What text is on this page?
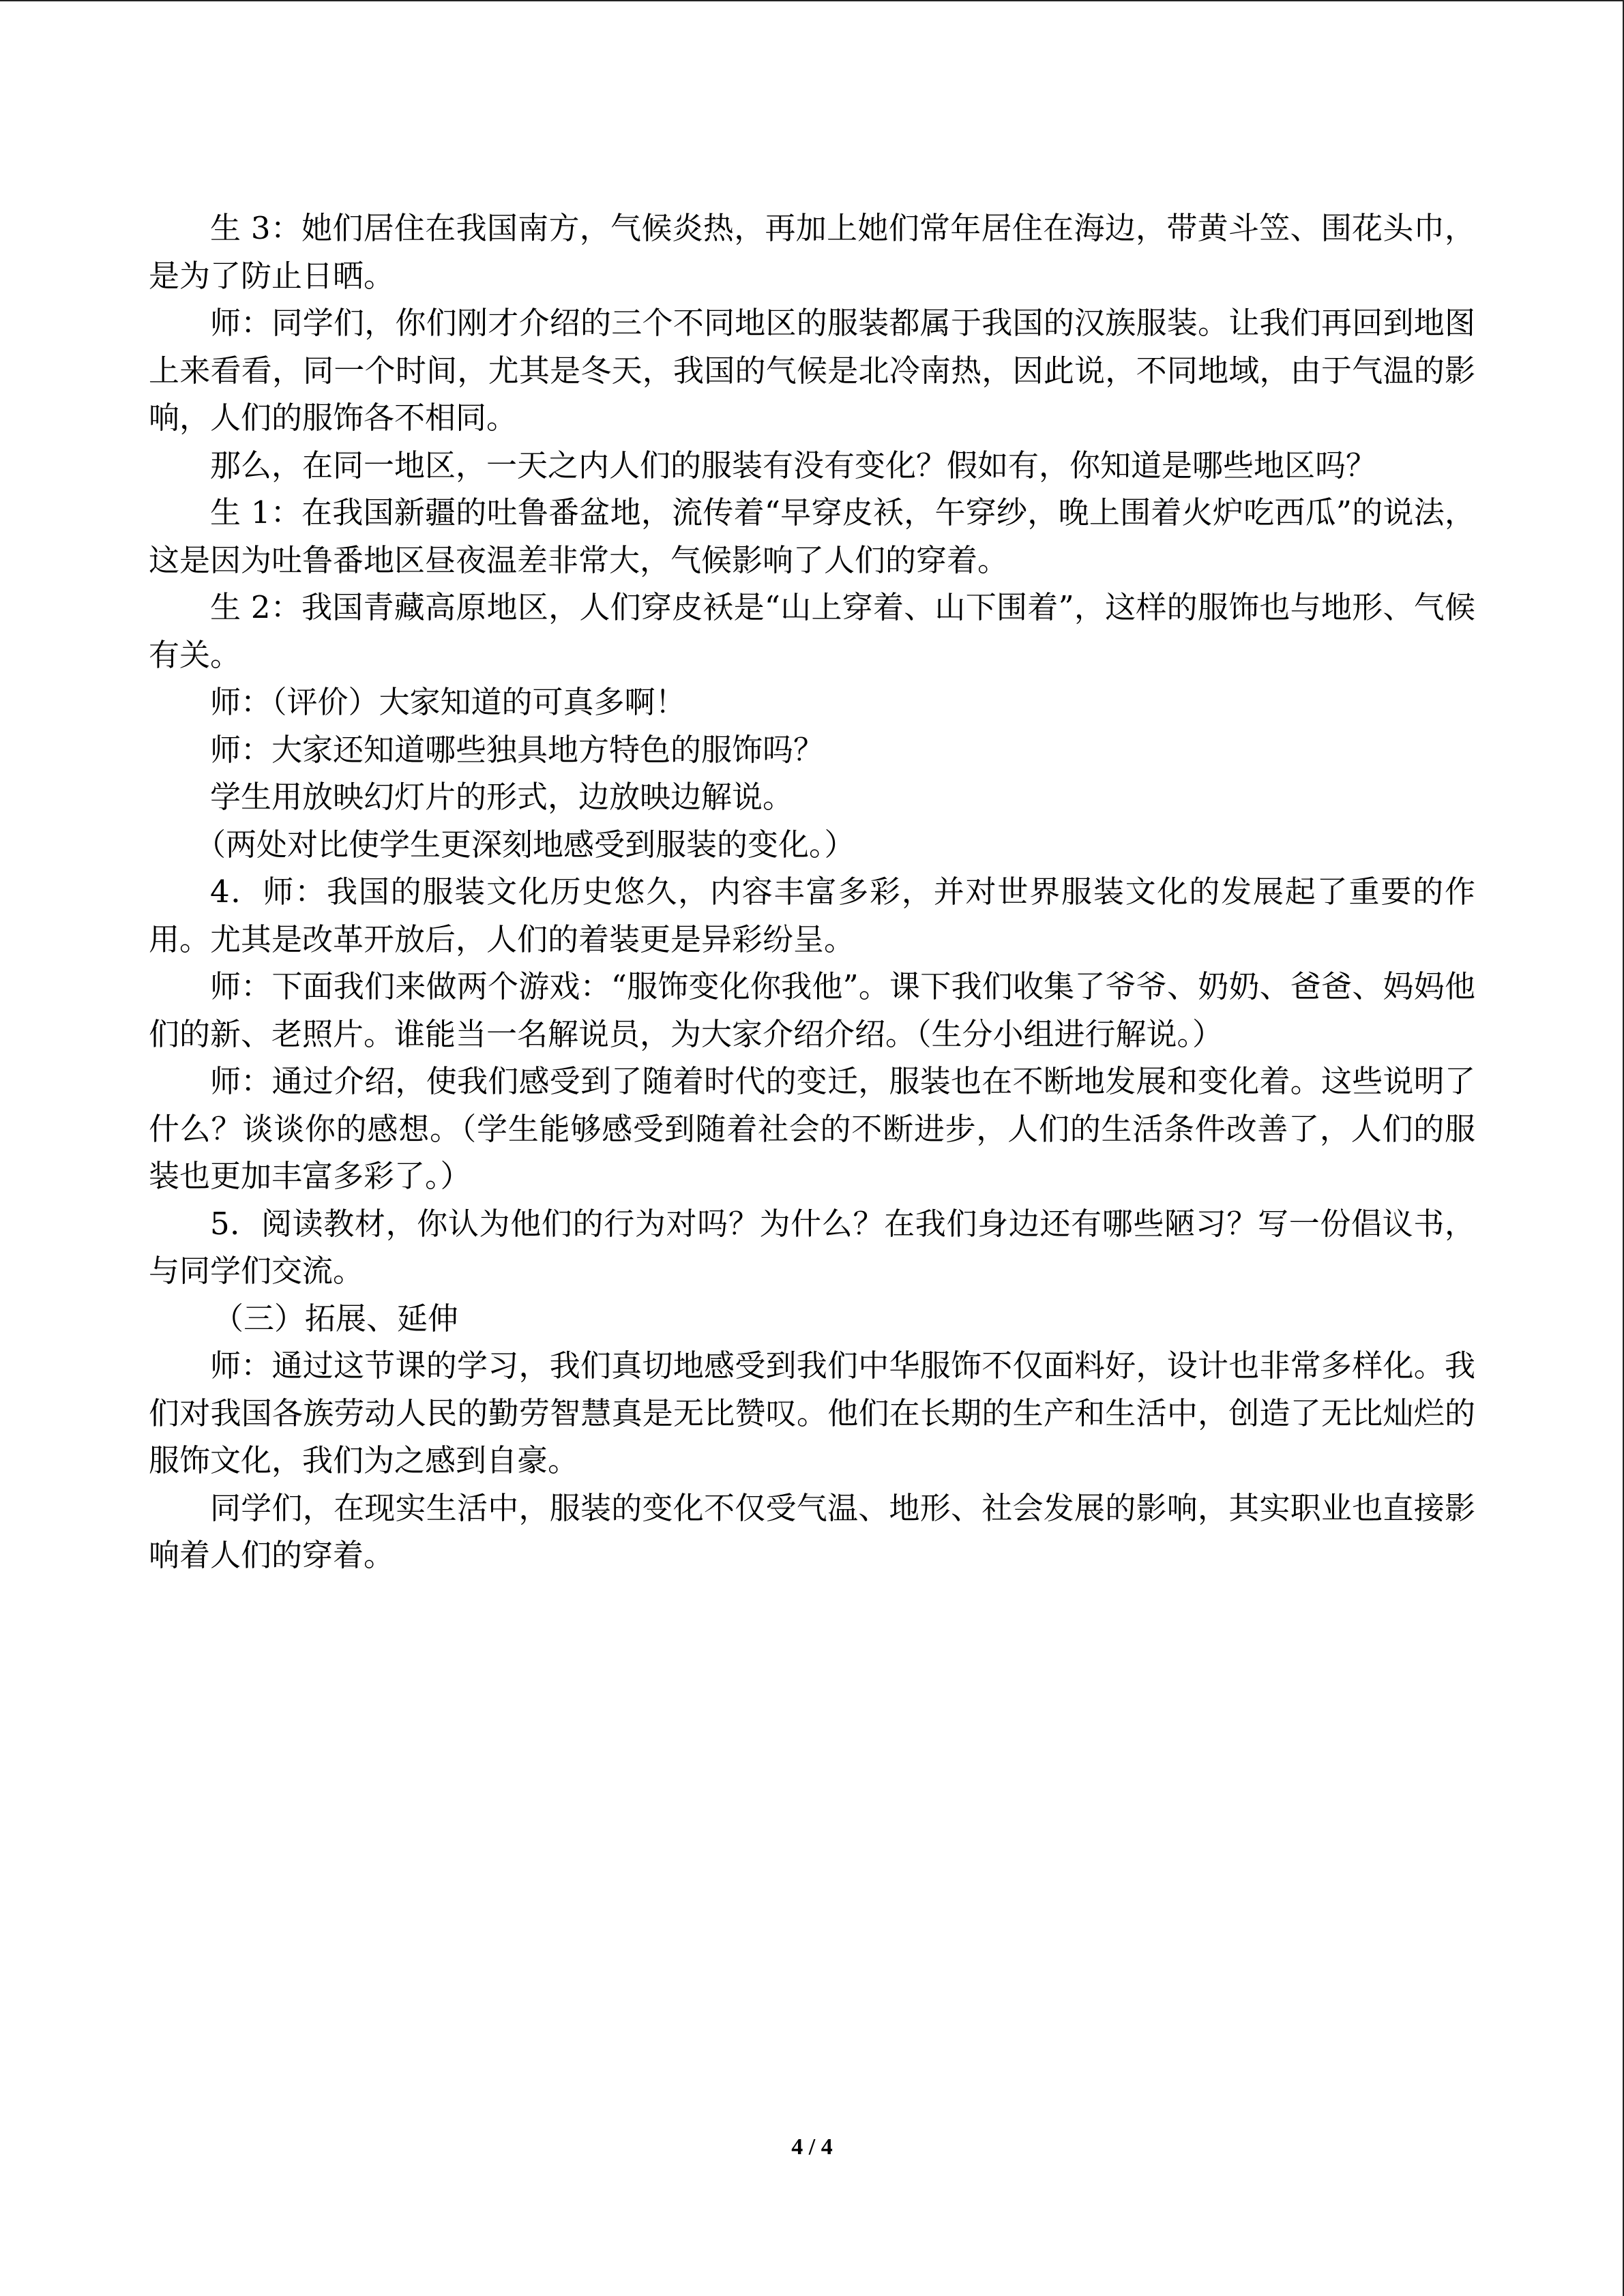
生 3：她们居住在我国南方，气候炎热，再加上她们常年居住在海边，带黄斗笠、围花头巾，是为了防止日晒。

师：同学们，你们刚才介绍的三个不同地区的服装都属于我国的汉族服装。让我们再回到地图上来看看，同一个时间，尤其是冬天，我国的气候是北冷南热，因此说，不同地域，由于气温的影响，人们的服饰各不相同。

那么，在同一地区，一天之内人们的服装有没有变化？假如有，你知道是哪些地区吗？

生 1：在我国新疆的吐鲁番盆地，流传着“早穿皮袄，午穿纱，晚上围着火炉吃西瓜”的说法，这是因为吐鲁番地区昼夜温差非常大，气候影响了人们的穿着。

生 2：我国青藏高原地区，人们穿皮袄是“山上穿着、山下围着”，这样的服饰也与地形、气候有关。

师：（评价）大家知道的可真多啊！

师：大家还知道哪些独具地方特色的服饰吗？

学生用放映幻灯片的形式，边放映边解说。

（两处对比使学生更深刻地感受到服装的变化。）

4．师：我国的服装文化历史悠久，内容丰富多彩，并对世界服装文化的发展起了重要的作用。尤其是改革开放后，人们的着装更是异彩纷呈。

师：下面我们来做两个游戏：“服饰变化你我他”。课下我们收集了爷爷、奶奶、爸爸、妈妈他们的新、老照片。谁能当一名解说员，为大家介绍介绍。（生分小组进行解说。）

师：通过介绍，使我们感受到了随着时代的变迁，服装也在不断地发展和变化着。这些说明了什么？谈谈你的感想。（学生能够感受到随着社会的不断进步，人们的生活条件改善了，人们的服装也更加丰富多彩了。）

5．阅读教材，你认为他们的行为对吗？为什么？在我们身边还有哪些陋习？写一份倡议书，与同学们交流。

（三）拓展、延伸

师：通过这节课的学习，我们真切地感受到我们中华服饰不仅面料好，设计也非常多样化。我们对我国各族劳动人民的勤劳智慧真是无比赞叹。他们在长期的生产和生活中，创造了无比灿烂的服饰文化，我们为之感到自豪。

同学们，在现实生活中，服装的变化不仅受气温、地形、社会发展的影响，其实职业也直接影响着人们的穿着。

4 / 4
